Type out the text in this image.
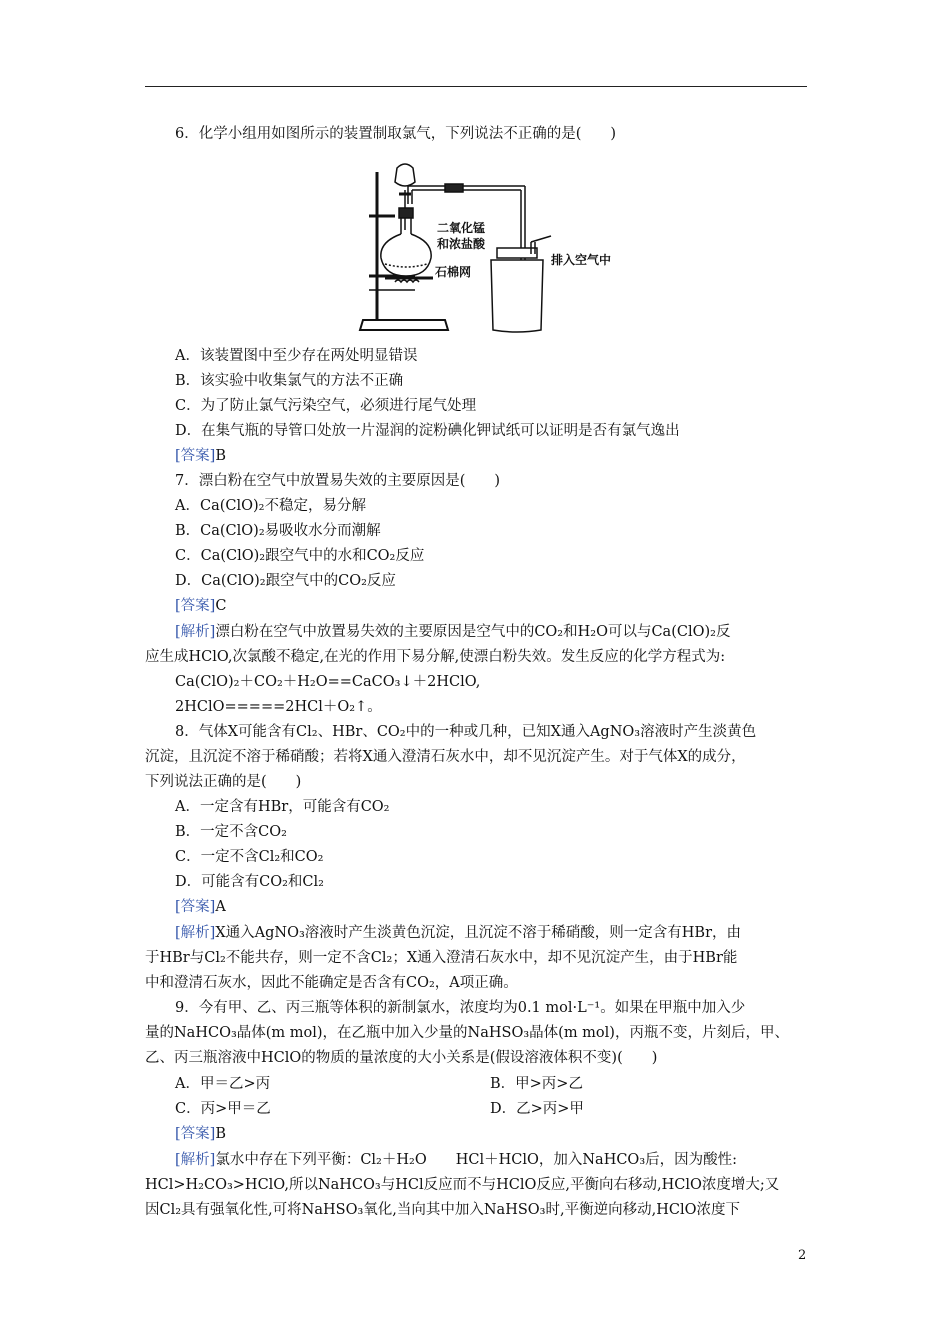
6．化学小组用如图所示的装置制取氯气，下列说法不正确的是(　　)
二氧化锰
和浓盐酸
石棉网
排入空气中
A．该装置图中至少存在两处明显错误
B．该实验中收集氯气的方法不正确
C．为了防止氯气污染空气，必须进行尾气处理
D．在集气瓶的导管口处放一片湿润的淀粉碘化钾试纸可以证明是否有氯气逸出
[答案]B
7．漂白粉在空气中放置易失效的主要原因是(　　)
A．Ca(ClO)₂不稳定，易分解
B．Ca(ClO)₂易吸收水分而潮解
C．Ca(ClO)₂跟空气中的水和CO₂反应
D．Ca(ClO)₂跟空气中的CO₂反应
[答案]C
[解析]漂白粉在空气中放置易失效的主要原因是空气中的CO₂和H₂O可以与Ca(ClO)₂反
应生成HClO,次氯酸不稳定,在光的作用下易分解,使漂白粉失效。发生反应的化学方程式为:
Ca(ClO)₂＋CO₂＋H₂O==CaCO₃↓＋2HClO,
2HClO=====2HCl＋O₂↑。
8．气体X可能含有Cl₂、HBr、CO₂中的一种或几种，已知X通入AgNO₃溶液时产生淡黄色
沉淀，且沉淀不溶于稀硝酸；若将X通入澄清石灰水中，却不见沉淀产生。对于气体X的成分，
下列说法正确的是(　　)
A．一定含有HBr，可能含有CO₂
B．一定不含CO₂
C．一定不含Cl₂和CO₂
D．可能含有CO₂和Cl₂
[答案]A
[解析]X通入AgNO₃溶液时产生淡黄色沉淀，且沉淀不溶于稀硝酸，则一定含有HBr，由
于HBr与Cl₂不能共存，则一定不含Cl₂；X通入澄清石灰水中，却不见沉淀产生，由于HBr能
中和澄清石灰水，因此不能确定是否含有CO₂，A项正确。
9．今有甲、乙、丙三瓶等体积的新制氯水，浓度均为0.1 mol·L⁻¹。如果在甲瓶中加入少
量的NaHCO₃晶体(m mol)，在乙瓶中加入少量的NaHSO₃晶体(m mol)，丙瓶不变，片刻后，甲、
乙、丙三瓶溶液中HClO的物质的量浓度的大小关系是(假设溶液体积不变)(　　)
A．甲＝乙>丙	B．甲>丙>乙
C．丙>甲＝乙	D．乙>丙>甲
[答案]B
[解析]氯水中存在下列平衡：Cl₂＋H₂O　　HCl＋HClO，加入NaHCO₃后，因为酸性:
HCl>H₂CO₃>HClO,所以NaHCO₃与HCl反应而不与HClO反应,平衡向右移动,HClO浓度增大;又
因Cl₂具有强氧化性,可将NaHSO₃氧化,当向其中加入NaHSO₃时,平衡逆向移动,HClO浓度下
2
